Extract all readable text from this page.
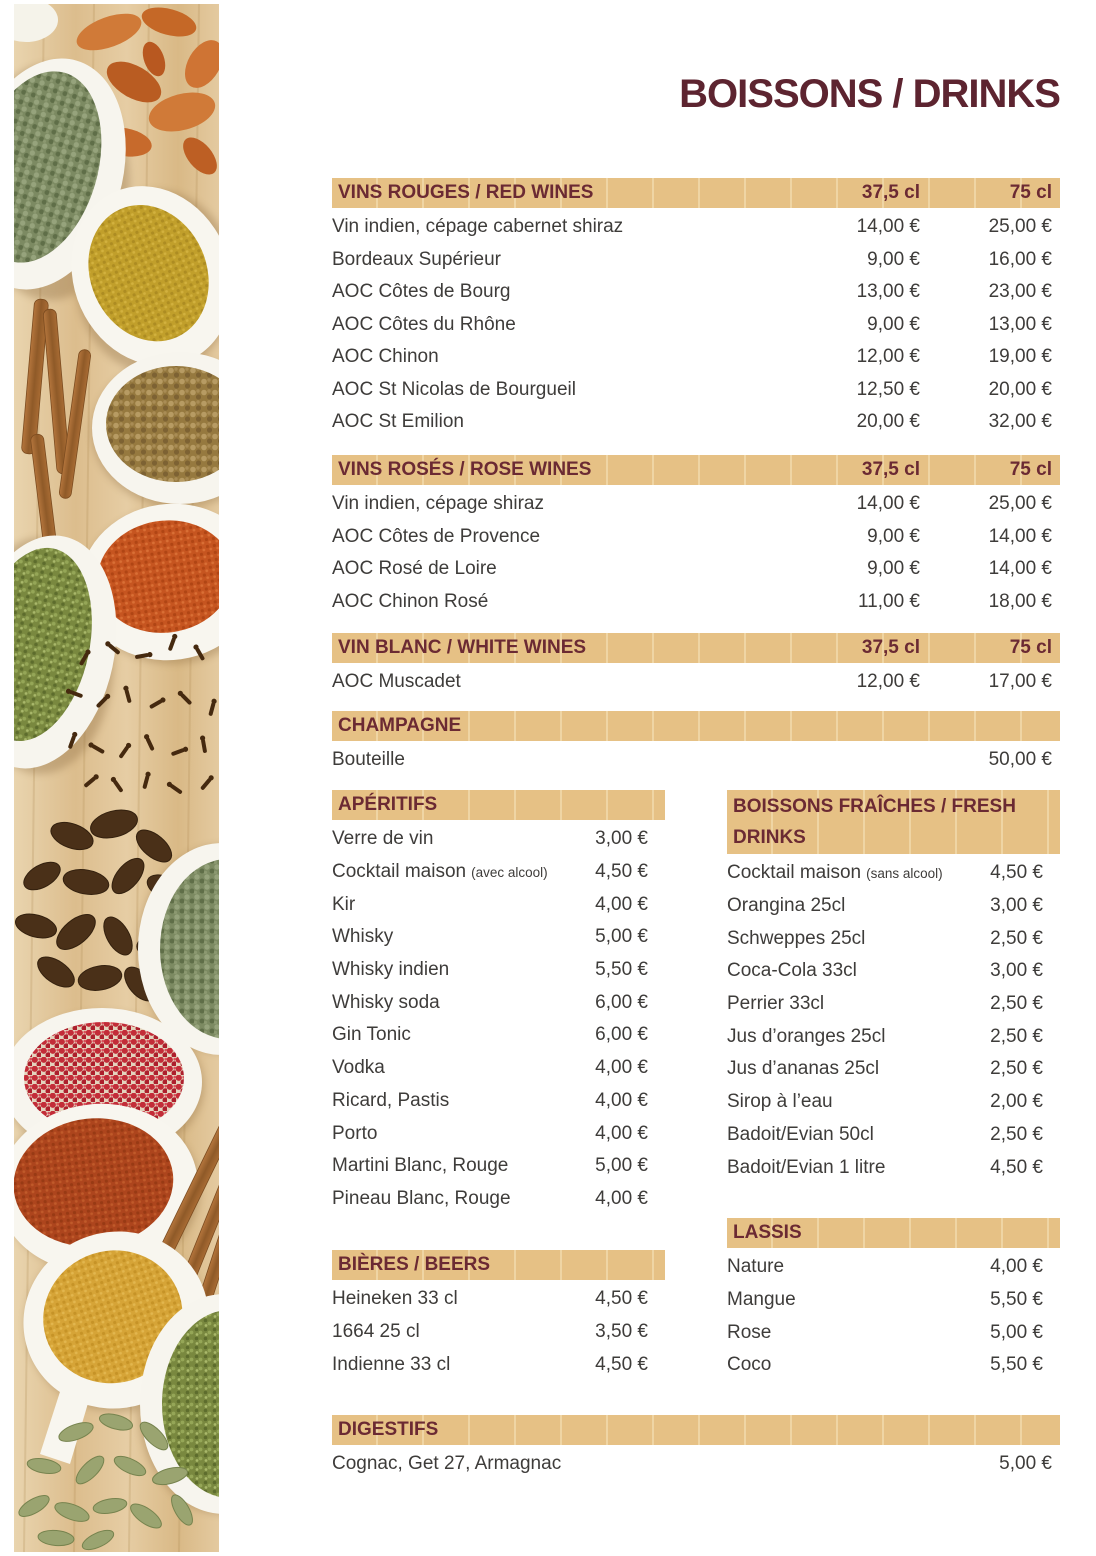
BOISSONS / DRINKS
VINS ROUGES / RED WINES	37,5 cl	75 cl
Vin indien, cépage cabernet shiraz	14,00 €	25,00 €
Bordeaux Supérieur	9,00 €	16,00 €
AOC Côtes de Bourg	13,00 €	23,00 €
AOC Côtes du Rhône	9,00 €	13,00 €
AOC Chinon	12,00 €	19,00 €
AOC St Nicolas de Bourgueil	12,50 €	20,00 €
AOC St Emilion	20,00 €	32,00 €
VINS ROSÉS / ROSE WINES	37,5 cl	75 cl
Vin indien, cépage shiraz	14,00 €	25,00 €
AOC Côtes de Provence	9,00 €	14,00 €
AOC Rosé de Loire	9,00 €	14,00 €
AOC Chinon Rosé	11,00 €	18,00 €
VIN BLANC / WHITE WINES	37,5 cl	75 cl
AOC Muscadet	12,00 €	17,00 €
CHAMPAGNE
Bouteille	50,00 €
APÉRITIFS
Verre de vin	3,00 €
Cocktail maison (avec alcool)	4,50 €
Kir	4,00 €
Whisky	5,00 €
Whisky indien	5,50 €
Whisky soda	6,00 €
Gin Tonic	6,00 €
Vodka	4,00 €
Ricard, Pastis	4,00 €
Porto	4,00 €
Martini Blanc, Rouge	5,00 €
Pineau Blanc, Rouge	4,00 €
BOISSONS FRAÎCHES / FRESH DRINKS
Cocktail maison (sans alcool)	4,50 €
Orangina 25cl	3,00 €
Schweppes 25cl	2,50 €
Coca-Cola 33cl	3,00 €
Perrier 33cl	2,50 €
Jus d’oranges 25cl	2,50 €
Jus d’ananas 25cl	2,50 €
Sirop à l’eau	2,00 €
Badoit/Evian 50cl	2,50 €
Badoit/Evian 1 litre	4,50 €
BIÈRES / BEERS
Heineken 33 cl	4,50 €
1664 25 cl	3,50 €
Indienne 33 cl	4,50 €
LASSIS
Nature	4,00 €
Mangue	5,50 €
Rose	5,00 €
Coco	5,50 €
DIGESTIFS
Cognac, Get 27, Armagnac	5,00 €
